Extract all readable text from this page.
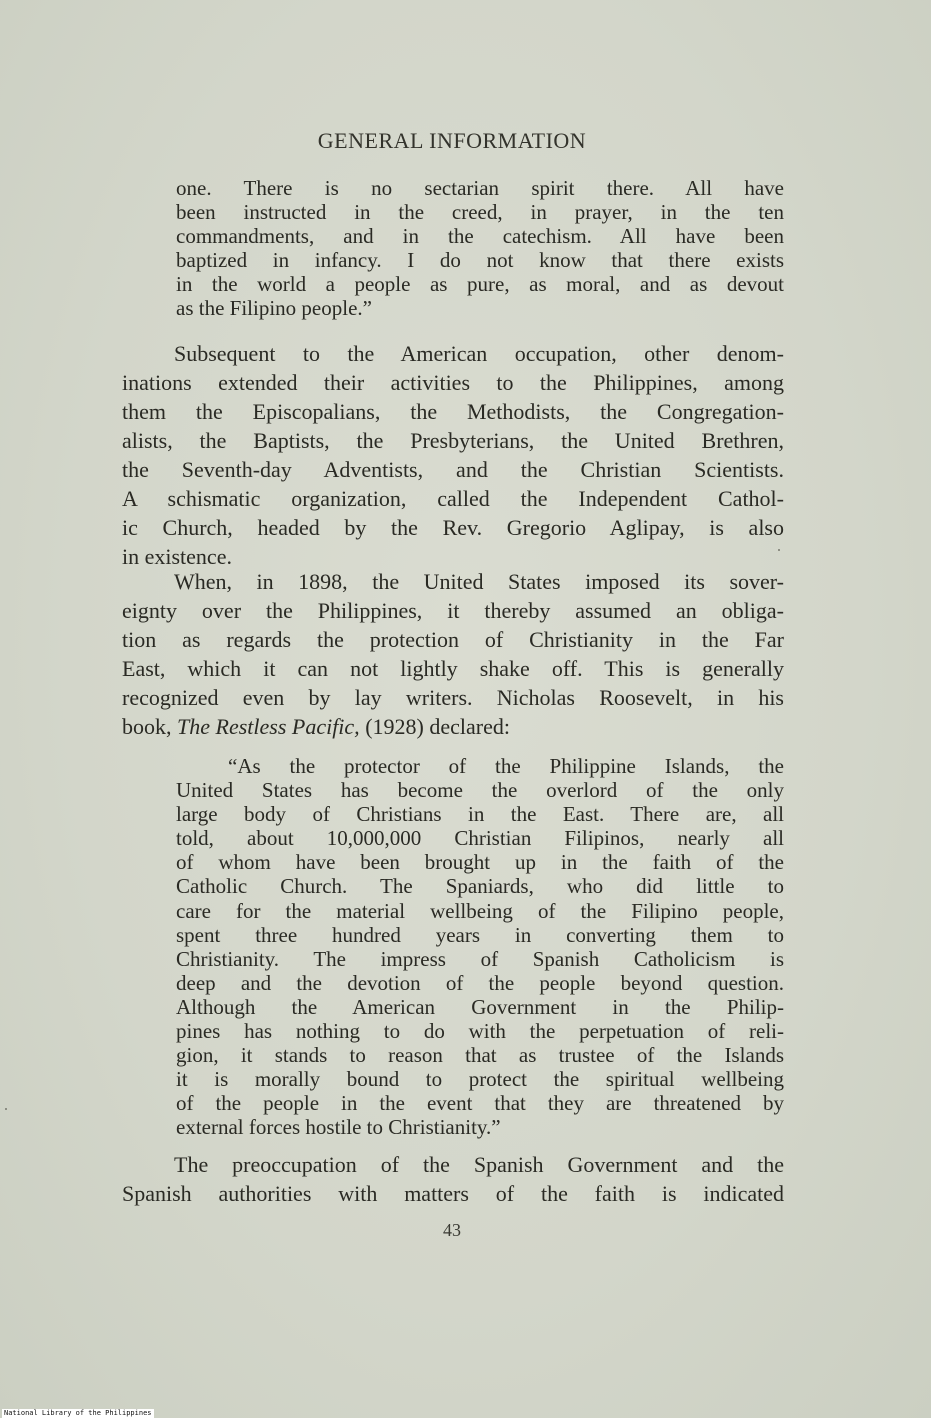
GENERAL INFORMATION
one. There is no sectarian spirit there. All have
been instructed in the creed, in prayer, in the ten
commandments, and in the catechism. All have been
baptized in infancy. I do not know that there exists
in the world a people as pure, as moral, and as devout
as the Filipino people.”
Subsequent to the American occupation, other denom-
inations extended their activities to the Philippines, among
them the Episcopalians, the Methodists, the Congregation-
alists, the Baptists, the Presbyterians, the United Brethren,
the Seventh-day Adventists, and the Christian Scientists.
A schismatic organization, called the Independent Cathol-
ic Church, headed by the Rev. Gregorio Aglipay, is also
in existence.
When, in 1898, the United States imposed its sover-
eignty over the Philippines, it thereby assumed an obliga-
tion as regards the protection of Christianity in the Far
East, which it can not lightly shake off. This is generally
recognized even by lay writers. Nicholas Roosevelt, in his
book, The Restless Pacific, (1928) declared:
“As the protector of the Philippine Islands, the
United States has become the overlord of the only
large body of Christians in the East. There are, all
told, about 10,000,000 Christian Filipinos, nearly all
of whom have been brought up in the faith of the
Catholic Church. The Spaniards, who did little to
care for the material wellbeing of the Filipino people,
spent three hundred years in converting them to
Christianity. The impress of Spanish Catholicism is
deep and the devotion of the people beyond question.
Although the American Government in the Philip-
pines has nothing to do with the perpetuation of reli-
gion, it stands to reason that as trustee of the Islands
it is morally bound to protect the spiritual wellbeing
of the people in the event that they are threatened by
external forces hostile to Christianity.”
The preoccupation of the Spanish Government and the
Spanish authorities with matters of the faith is indicated
43
National Library of the Philippines
